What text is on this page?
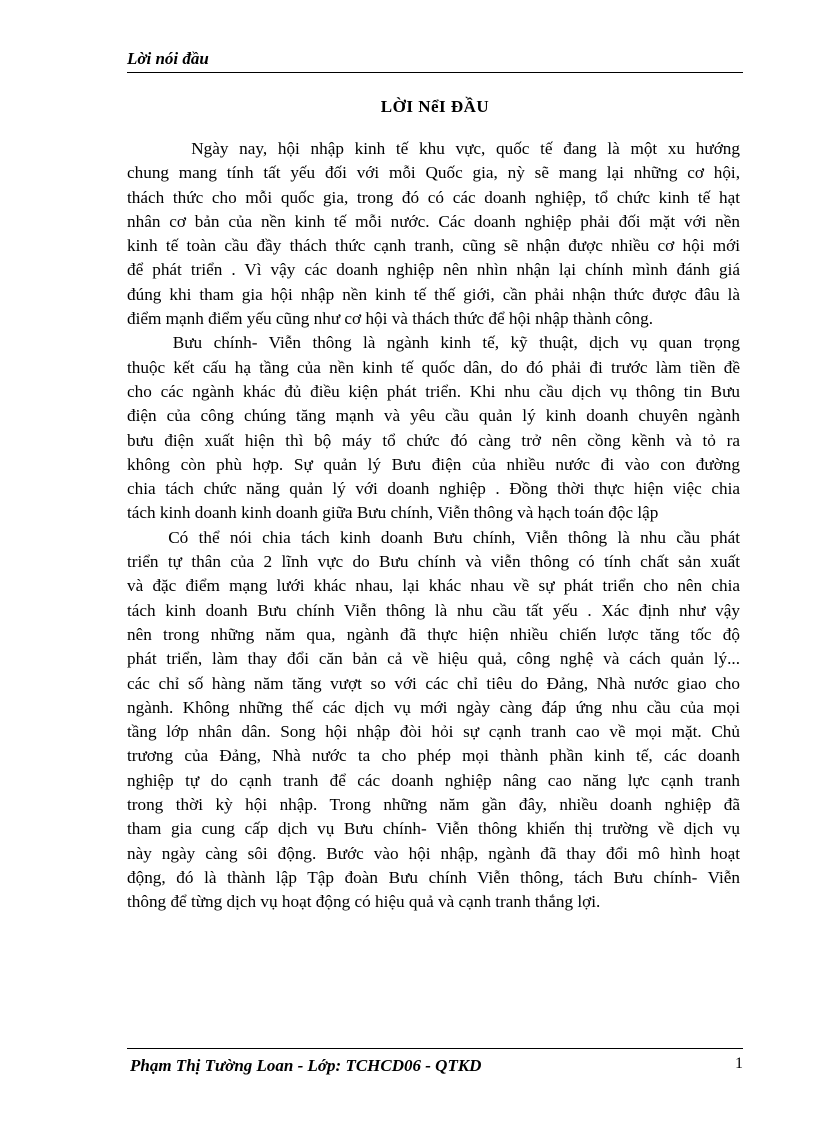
Lời nói đầu
LỜI NểI ĐẦU
Ngày nay, hội nhập kinh tế khu vực, quốc tế đang là một xu hướng
chung mang tính tất yếu đối với mỗi Quốc gia, nỳ sẽ mang lại những cơ hội,
thách thức cho mỗi quốc gia, trong đó có các doanh nghiệp, tổ chức kinh tế hạt
nhân cơ bản của nền kinh tế mỗi nước. Các doanh nghiệp phải đối mặt với nền
kinh tế toàn cầu đầy thách thức cạnh tranh, cũng sẽ nhận được nhiều cơ hội mới
để phát triển . Vì vậy các doanh nghiệp nên nhìn nhận lại chính mình đánh giá
đúng khi tham gia hội nhập nền kinh tế thế giới, cần phải nhận thức được đâu là
điểm mạnh điểm yếu cũng như cơ hội và thách thức để hội nhập thành công.
Bưu chính- Viễn thông là ngành kinh tế, kỹ thuật, dịch vụ quan trọng
thuộc kết cấu hạ tầng của nền kinh tế quốc dân, do đó phải đi trước làm tiền đề
cho các ngành khác đủ điều kiện phát triển. Khi nhu cầu dịch vụ thông tin Bưu
điện của công chúng tăng mạnh và yêu cầu quản lý kinh doanh chuyên ngành
bưu điện xuất hiện thì bộ máy tổ chức đó càng trở nên cồng kềnh và tỏ ra
không còn phù hợp. Sự quản lý Bưu điện của nhiều nước đi vào con đường
chia tách chức năng quản lý với doanh nghiệp . Đồng thời thực hiện việc chia
tách kinh doanh kinh doanh giữa Bưu chính, Viễn thông và hạch toán độc lập
Có thể nói chia tách kinh doanh Bưu chính, Viễn thông là nhu cầu phát
triển tự thân của 2 lĩnh vực do Bưu chính và viễn thông có tính chất sản xuất
và đặc điểm mạng lưới khác nhau, lại khác nhau về sự phát triển cho nên chia
tách kinh doanh Bưu chính Viễn thông là nhu cầu tất yếu . Xác định như vậy
nên trong những năm qua, ngành đã thực hiện nhiều chiến lược tăng tốc độ
phát triển, làm thay đổi căn bản cả về hiệu quả, công nghệ và cách quản lý...
các chỉ số hàng năm tăng vượt so với các chỉ tiêu do Đảng, Nhà nước giao cho
ngành. Không những thế các dịch vụ mới ngày càng đáp ứng nhu cầu của mọi
tầng lớp nhân dân. Song hội nhập đòi hỏi sự cạnh tranh cao về mọi mặt. Chủ
trương của Đảng, Nhà nước ta cho phép mọi thành phần kinh tế, các doanh
nghiệp tự do cạnh tranh để các doanh nghiệp nâng cao năng lực cạnh tranh
trong thời kỳ hội nhập. Trong những năm gần đây, nhiều doanh nghiệp đã
tham gia cung cấp dịch vụ Bưu chính- Viễn thông khiến thị trường về dịch vụ
này ngày càng sôi động. Bước vào hội nhập, ngành đã thay đổi mô hình hoạt
động, đó là thành lập Tập đoàn Bưu chính Viễn thông, tách Bưu chính- Viễn
thông để từng dịch vụ hoạt động có hiệu quả và cạnh tranh thắng lợi.
Phạm Thị Tường Loan - Lớp: TCHCD06 - QTKD	1
